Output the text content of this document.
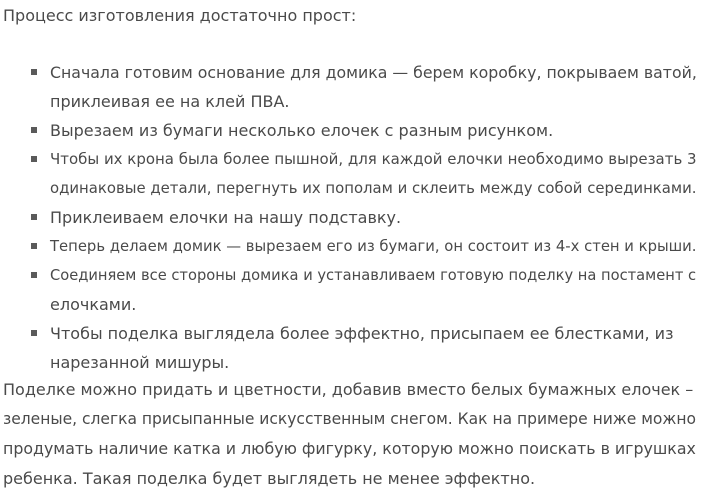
Процесс изготовления достаточно прост:

Сначала готовим основание для домика — берем коробку, покрываем ватой,
приклеивая ее на клей ПВА.
Вырезаем из бумаги несколько елочек с разным рисунком.
Чтобы их крона была более пышной, для каждой елочки необходимо вырезать 3
одинаковые детали, перегнуть их пополам и склеить между собой серединками.
Приклеиваем елочки на нашу подставку.
Теперь делаем домик — вырезаем его из бумаги, он состоит из 4-х стен и крыши.
Соединяем все стороны домика и устанавливаем готовую поделку на постамент с
елочками.
Чтобы поделка выглядела более эффектно, присыпаем ее блестками, из
нарезанной мишуры.

Поделке можно придать и цветности, добавив вместо белых бумажных елочек –
зеленые, слегка присыпанные искусственным снегом. Как на примере ниже можно
продумать наличие катка и любую фигурку, которую можно поискать в игрушках
ребенка. Такая поделка будет выглядеть не менее эффектно.
